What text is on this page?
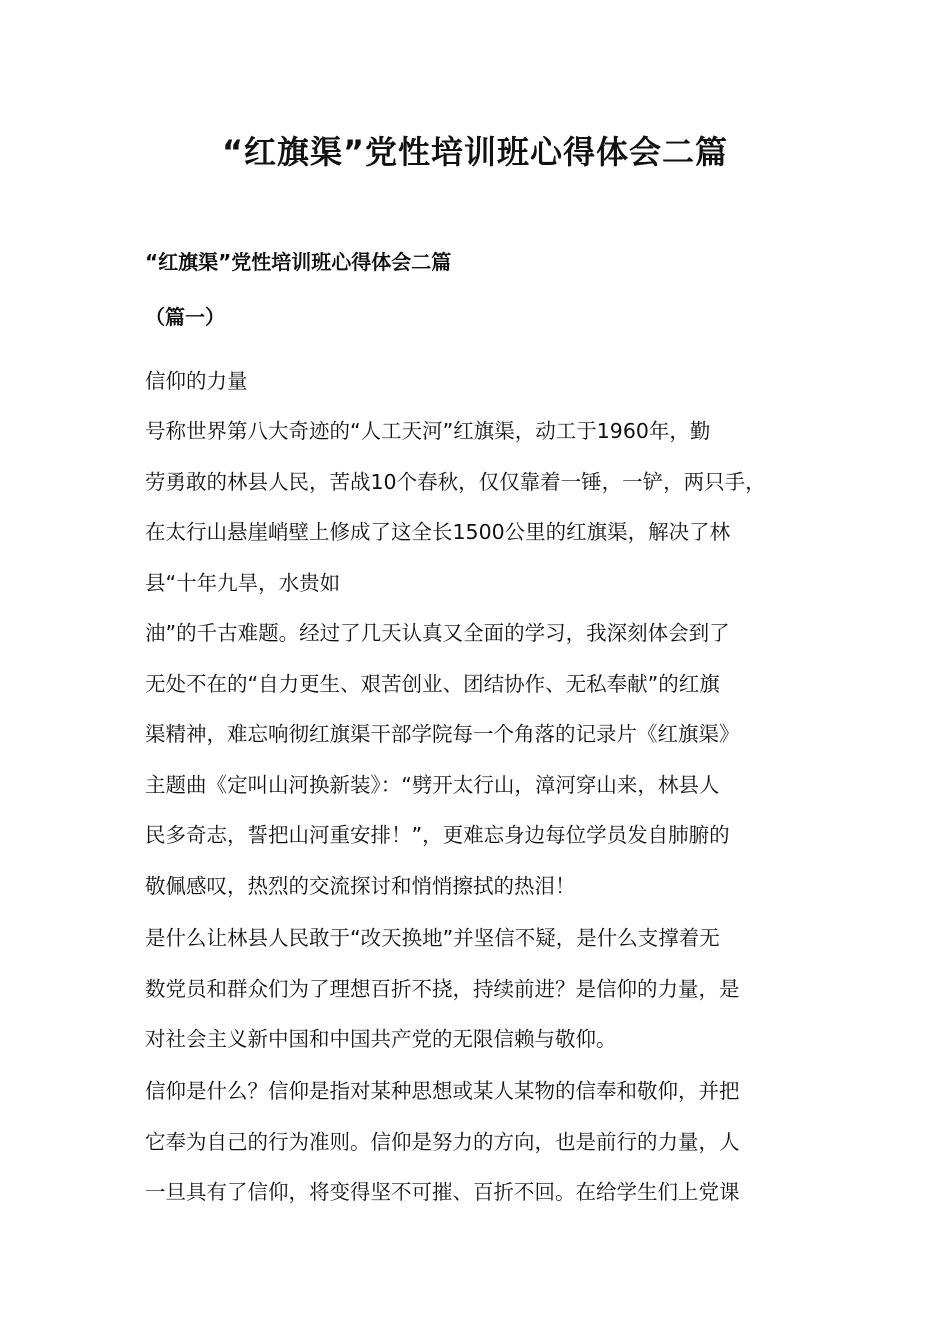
“红旗渠”党性培训班心得体会二篇
“红旗渠”党性培训班心得体会二篇
（篇一）
信仰的力量
号称世界第八大奇迹的“人工天河”红旗渠，动工于1960年，勤
劳勇敢的林县人民，苦战10个春秋，仅仅靠着一锤，一铲，两只手，
在太行山悬崖峭壁上修成了这全长1500公里的红旗渠，解决了林
县“十年九旱，水贵如
油”的千古难题。经过了几天认真又全面的学习，我深刻体会到了
无处不在的“自力更生、艰苦创业、团结协作、无私奉献”的红旗
渠精神，难忘响彻红旗渠干部学院每一个角落的记录片《红旗渠》
主题曲《定叫山河换新装》：“劈开太行山，漳河穿山来，林县人
民多奇志，誓把山河重安排！”，更难忘身边每位学员发自肺腑的
敬佩感叹，热烈的交流探讨和悄悄擦拭的热泪！
是什么让林县人民敢于“改天换地”并坚信不疑，是什么支撑着无
数党员和群众们为了理想百折不挠，持续前进？是信仰的力量，是
对社会主义新中国和中国共产党的无限信赖与敬仰。
信仰是什么？信仰是指对某种思想或某人某物的信奉和敬仰，并把
它奉为自己的行为准则。信仰是努力的方向，也是前行的力量，人
一旦具有了信仰，将变得坚不可摧、百折不回。在给学生们上党课
